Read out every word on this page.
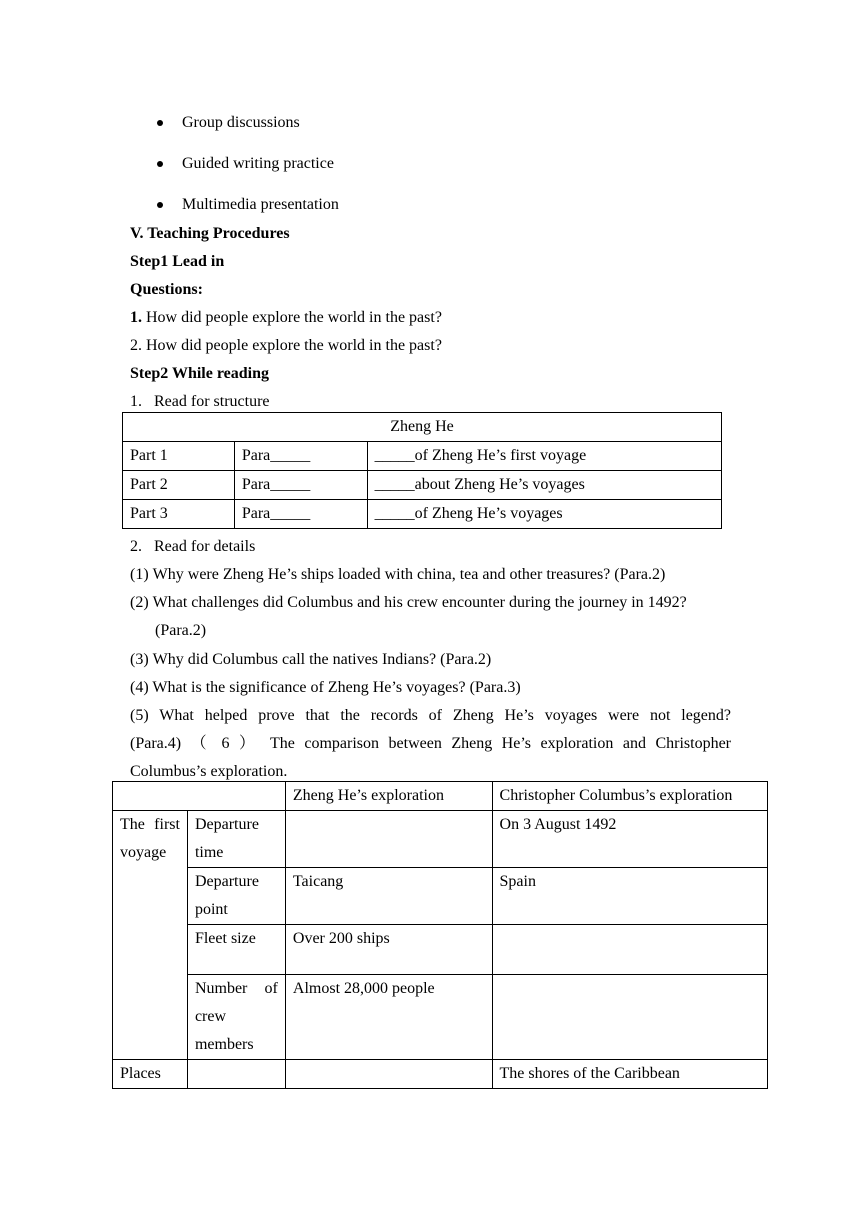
Group discussions
Guided writing practice
Multimedia presentation
V. Teaching Procedures
Step1 Lead in
Questions:
1. How did people explore the world in the past?
2. How did people explore the world in the past?
Step2 While reading
1.   Read for structure
Zheng He		
Part 1	Para_____	_____of Zheng He’s first voyage
Part 2	Para_____	_____about Zheng He’s voyages
Part 3	Para_____	_____of Zheng He’s voyages
2.   Read for details
(1) Why were Zheng He’s ships loaded with china, tea and other treasures? (Para.2)
(2) What challenges did Columbus and his crew encounter during the journey in 1492?
(Para.2)
(3) Why did Columbus call the natives Indians? (Para.2)
(4) What is the significance of Zheng He’s voyages? (Para.3)
(5) What helped prove that the records of Zheng He’s voyages were not legend?
(Para.4) （ 6 ） The comparison between Zheng He’s exploration and Christopher
Columbus’s exploration.
		Zheng He’s exploration	Christopher Columbus’s exploration
The first voyage	Departure time		On 3 August 1492
	Departure point	Taicang	Spain
	Fleet size	Over 200 ships	
	Number of crew members	Almost 28,000 people	
Places			The shores of the Caribbean
